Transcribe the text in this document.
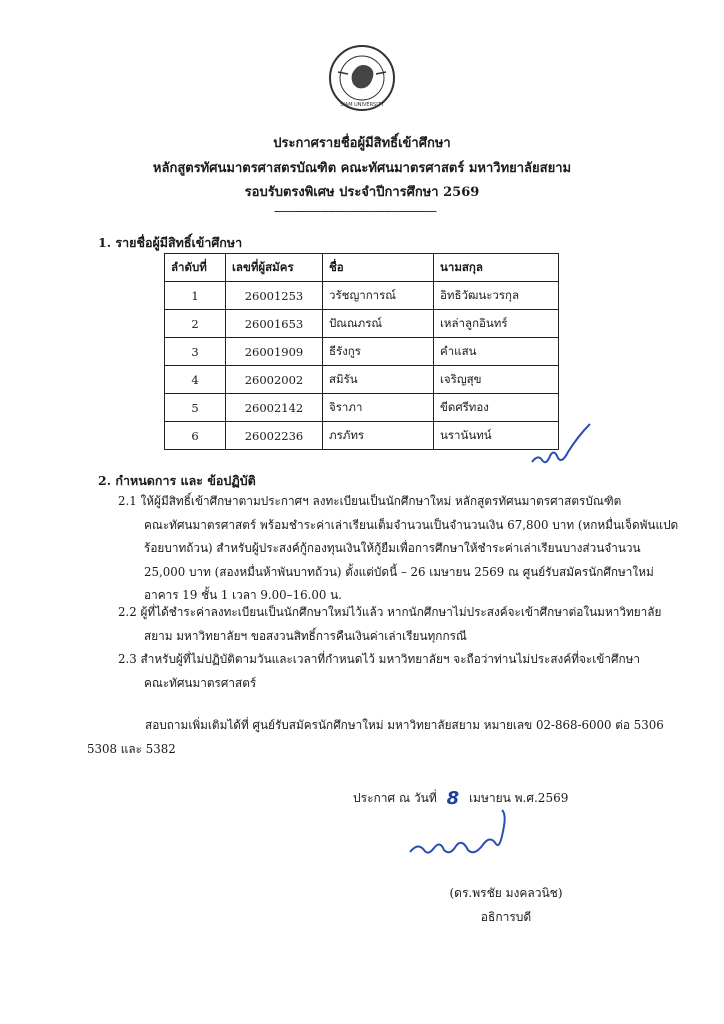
SIAM UNIVERSITY
ประกาศรายชื่อผู้มีสิทธิ์เข้าศึกษา
หลักสูตรทัศนมาตรศาสตรบัณฑิต คณะทัศนมาตรศาสตร์ มหาวิทยาลัยสยาม
รอบรับตรงพิเศษ ประจำปีการศึกษา 2569
-----------------------------------------------------
1. รายชื่อผู้มีสิทธิ์เข้าศึกษา
ลำดับที่	เลขที่ผู้สมัคร	ชื่อ	นามสกุล
1	26001253	วรัชญาการณ์	อิทธิวัฒนะวรกุล
2	26001653	ปัณณภรณ์	เหล่าลูกอินทร์
3	26001909	ธีรังกูร	คำแสน
4	26002002	สมิรัน	เจริญสุข
5	26002142	จิราภา	ขีดศรีทอง
6	26002236	ภรภัทร	นรานันทน์
2. กำหนดการ และ ข้อปฏิบัติ
2.1 ให้ผู้มีสิทธิ์เข้าศึกษาตามประกาศฯ ลงทะเบียนเป็นนักศึกษาใหม่ หลักสูตรทัศนมาตรศาสตรบัณฑิต
คณะทัศนมาตรศาสตร์ พร้อมชำระค่าเล่าเรียนเต็มจำนวนเป็นจำนวนเงิน 67,800 บาท (หกหมื่นเจ็ดพันแปด
ร้อยบาทถ้วน) สำหรับผู้ประสงค์กู้กองทุนเงินให้กู้ยืมเพื่อการศึกษาให้ชำระค่าเล่าเรียนบางส่วนจำนวน
25,000 บาท (สองหมื่นห้าพันบาทถ้วน) ตั้งแต่บัดนี้ – 26 เมษายน 2569 ณ ศูนย์รับสมัครนักศึกษาใหม่
อาคาร 19 ชั้น 1 เวลา 9.00–16.00 น.
2.2 ผู้ที่ได้ชำระค่าลงทะเบียนเป็นนักศึกษาใหม่ไว้แล้ว หากนักศึกษาไม่ประสงค์จะเข้าศึกษาต่อในมหาวิทยาลัย
สยาม มหาวิทยาลัยฯ ขอสงวนสิทธิ์การคืนเงินค่าเล่าเรียนทุกกรณี
2.3 สำหรับผู้ที่ไม่ปฏิบัติตามวันและเวลาที่กำหนดไว้ มหาวิทยาลัยฯ จะถือว่าท่านไม่ประสงค์ที่จะเข้าศึกษา
คณะทัศนมาตรศาสตร์
สอบถามเพิ่มเติมได้ที่ ศูนย์รับสมัครนักศึกษาใหม่ มหาวิทยาลัยสยาม หมายเลข 02-868-6000 ต่อ 5306 5308 และ 5382
ประกาศ ณ วันที่ 8 เมษายน พ.ศ.2569
(ดร.พรชัย มงคลวนิช)
อธิการบดี
